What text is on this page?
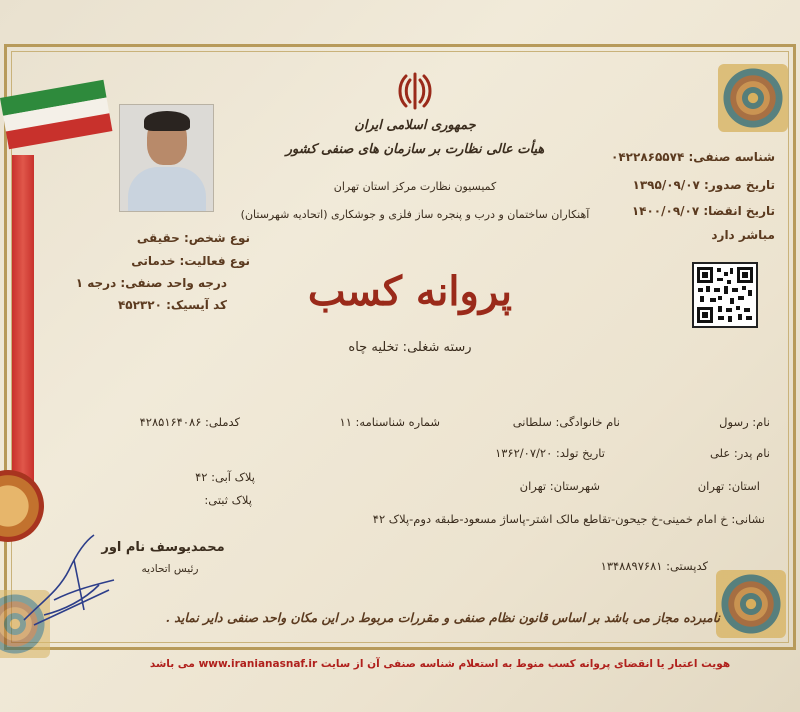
جمهوری اسلامی ایران
هیأت عالی نظارت بر سازمان های صنفی کشور
کمیسیون نظارت مرکز استان تهران
آهنکاران ساختمان و درب و پنجره ساز فلزی و جوشکاری (اتحادیه شهرستان)
نوع شخص: حقیقی
نوع فعالیت: خدماتی
درجه واحد صنفی: درجه ۱
کد آیسیک: ۴۵۲۳۲۰
شناسه صنفی: ۰۴۲۲۸۶۵۵۷۴
تاریخ صدور: ۱۳۹۵/۰۹/۰۷
تاریخ انقضا: ۱۴۰۰/۰۹/۰۷
مباشر دارد
پروانه کسب
رسته شغلی: تخلیه چاه
نام: رسول
نام خانوادگی: سلطانی
شماره شناسنامه: ۱۱
کدملی: ۴۲۸۵۱۶۴۰۸۶
نام پدر: علی
تاریخ تولد: ۱۳۶۲/۰۷/۲۰
پلاک آبی: ۴۲
استان: تهران
شهرستان: تهران
پلاک ثبتی:
نشانی: خ امام خمینی-خ جیحون-تقاطع مالک اشتر-پاساژ مسعود-طبقه دوم-پلاک ۴۲
کدپستی: ۱۳۴۸۸۹۷۶۸۱
محمدیوسف نام اور
رئیس اتحادیه
نامبرده مجاز می باشد بر اساس قانون نظام صنفی و مقررات مربوط در این مکان واحد صنفی دایر نماید .
هویت اعتبار یا انقضای پروانه کسب منوط به استعلام شناسه صنفی آن از سایت www.iranianasnaf.ir می باشد
